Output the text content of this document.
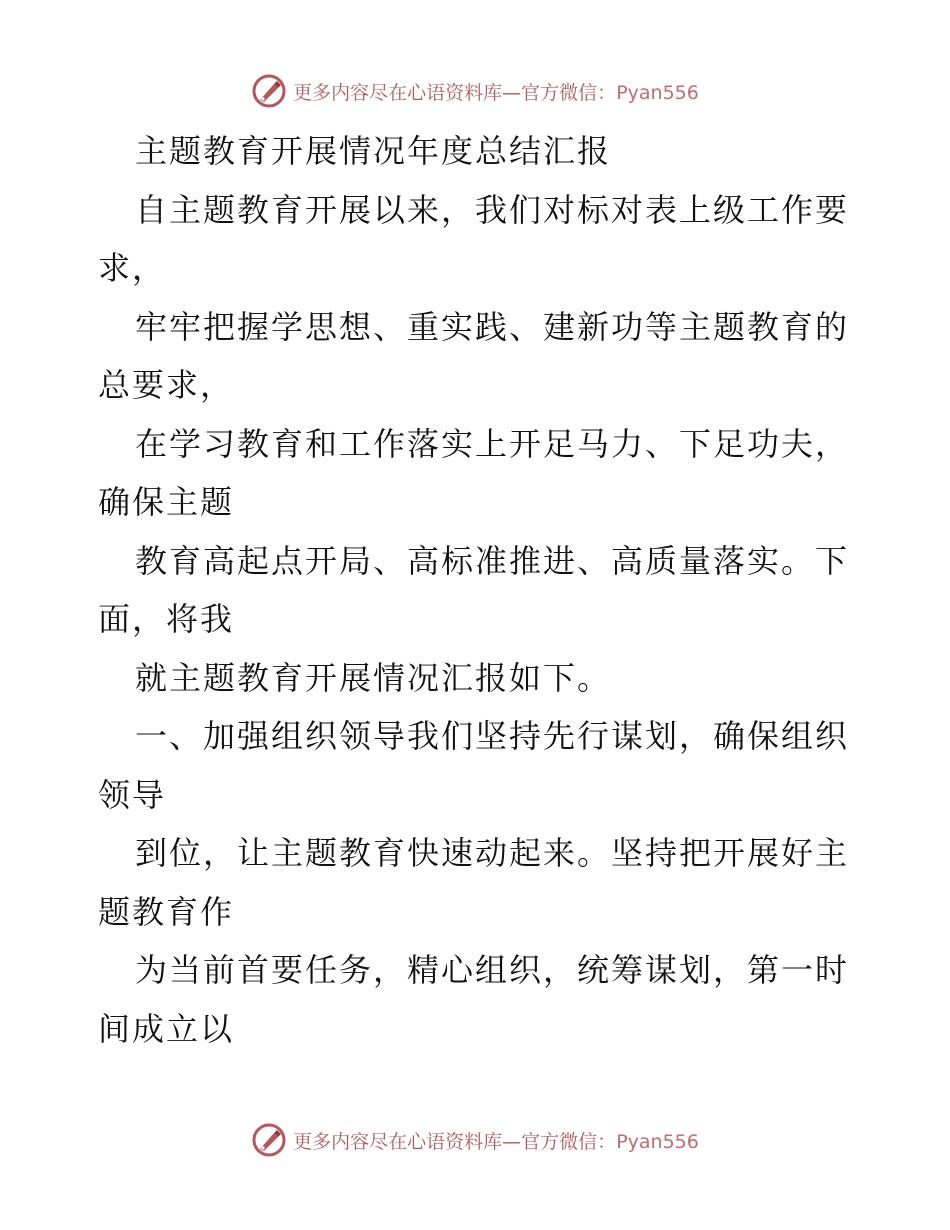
更多内容尽在心语资料库—官方微信：Pyan556
主题教育开展情况年度总结汇报
自主题教育开展以来，我们对标对表上级工作要
求，
牢牢把握学思想、重实践、建新功等主题教育的
总要求，
在学习教育和工作落实上开足马力、下足功夫，
确保主题
教育高起点开局、高标准推进、高质量落实。下
面，将我
就主题教育开展情况汇报如下。
一、加强组织领导我们坚持先行谋划，确保组织
领导
到位，让主题教育快速动起来。坚持把开展好主
题教育作
为当前首要任务，精心组织，统筹谋划，第一时
间成立以
更多内容尽在心语资料库—官方微信：Pyan556
